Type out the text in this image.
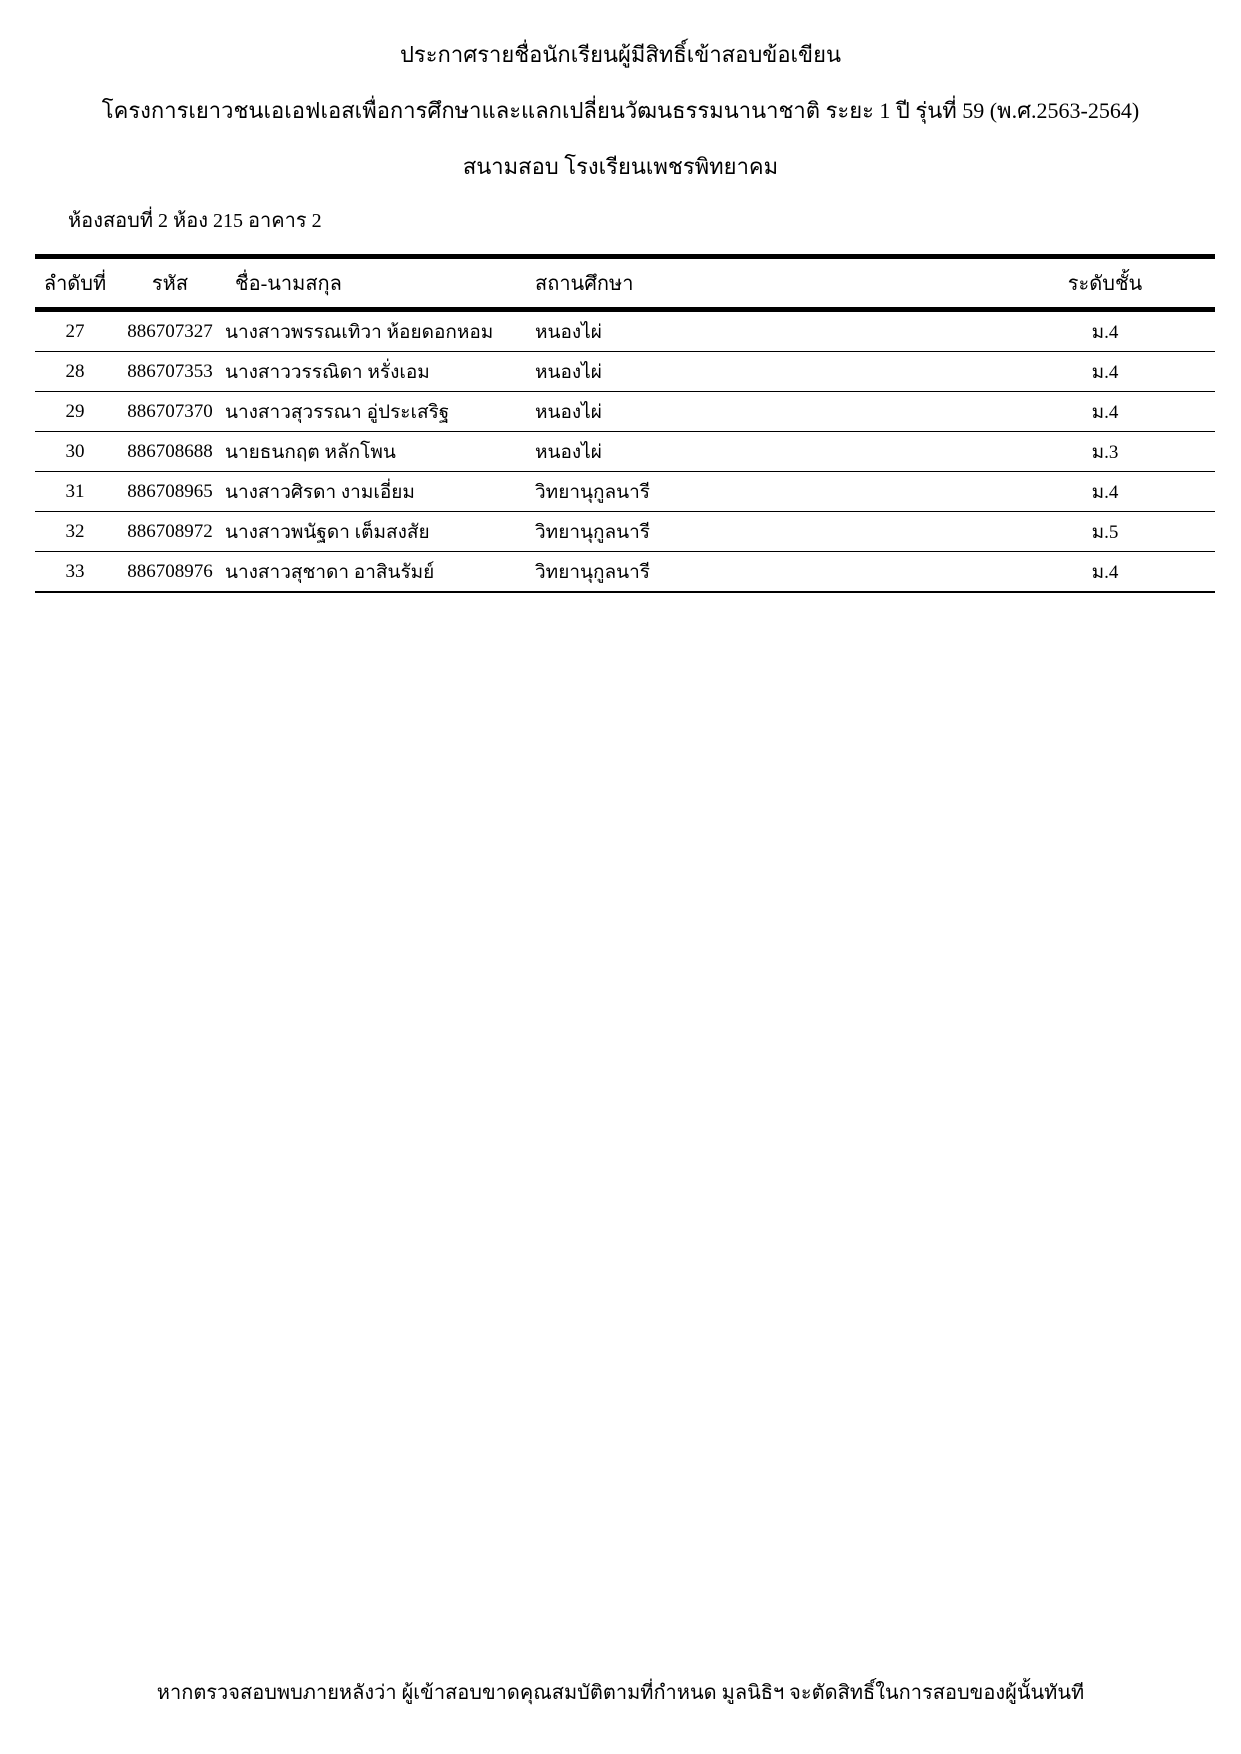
ประกาศรายชื่อนักเรียนผู้มีสิทธิ์เข้าสอบข้อเขียน
โครงการเยาวชนเอเอฟเอสเพื่อการศึกษาและแลกเปลี่ยนวัฒนธรรมนานาชาติ ระยะ 1 ปี รุ่นที่ 59 (พ.ศ.2563-2564)
สนามสอบ โรงเรียนเพชรพิทยาคม
ห้องสอบที่ 2 ห้อง 215 อาคาร 2
ลำดับที่	รหัส	ชื่อ-นามสกุล	สถานศึกษา	ระดับชั้น
27	886707327	นางสาวพรรณเทิวา ห้อยดอกหอม	หนองไผ่	ม.4
28	886707353	นางสาววรรณิดา หรั่งเอม	หนองไผ่	ม.4
29	886707370	นางสาวสุวรรณา อู่ประเสริฐ	หนองไผ่	ม.4
30	886708688	นายธนกฤต หลักโพน	หนองไผ่	ม.3
31	886708965	นางสาวศิรดา งามเอี่ยม	วิทยานุกูลนารี	ม.4
32	886708972	นางสาวพนัฐดา เต็มสงสัย	วิทยานุกูลนารี	ม.5
33	886708976	นางสาวสุชาดา อาสินรัมย์	วิทยานุกูลนารี	ม.4
หากตรวจสอบพบภายหลังว่า ผู้เข้าสอบขาดคุณสมบัติตามที่กำหนด มูลนิธิฯ จะตัดสิทธิ์ในการสอบของผู้นั้นทันที
